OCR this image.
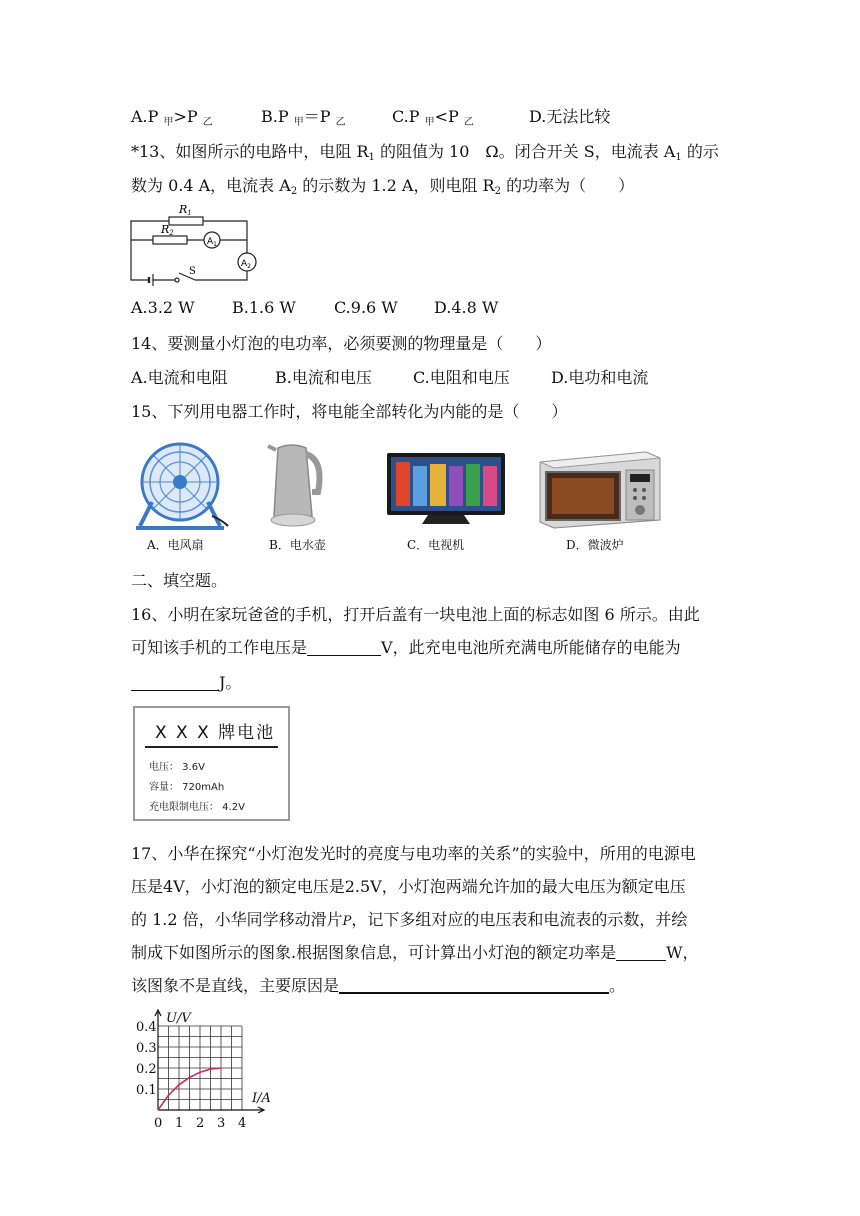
A.P $_甲$>P $_乙$	B.P $_甲$＝P $_乙$	C.P $_甲$<P $_乙$	D.无法比较
*13、如图所示的电路中，电阻 $R_1$ 的阻值为 10　Ω。闭合开关 S，电流表 $A_1$ 的示
数为 0.4 A，电流表 $A_2$ 的示数为 1.2 A，则电阻 $R_2$ 的功率为（　　）
R1
R2
$A_1$
$A_2$
S
A.3.2 W B.1.6 W C.9.6 W D.4.8 W
14、要测量小灯泡的电功率，必须要测的物理量是（　　）
A.电流和电阻	B.电流和电压	C.电阻和电压	D.电功和电流
15、下列用电器工作时，将电能全部转化为内能的是（　　）
A．电风扇	B．电水壶	C．电视机	D．微波炉
二、填空题。
16、小明在家玩爸爸的手机，打开后盖有一块电池上面的标志如图 6 所示。由此
可知该手机的工作电压是	V，此充电电池所充满电所能储存的电能为
J。
X X X 牌电池
电压： 3.6V
容量： 720mAh
充电限制电压： 4.2V
17、小华在探究“小灯泡发光时的亮度与电功率的关系”的实验中，所用的电源电
压是4V，小灯泡的额定电压是2.5V，小灯泡两端允许加的最大电压为额定电压
的 1.2 倍，小华同学移动滑片P，记下多组对应的电压表和电流表的示数，并绘
制成下如图所示的图象.根据图象信息，可计算出小灯泡的额定功率是	W，
该图象不是直线，主要原因是	。
0 1 2 3 4
0.1
0.2
0.3
0.4
U/V
I/A
